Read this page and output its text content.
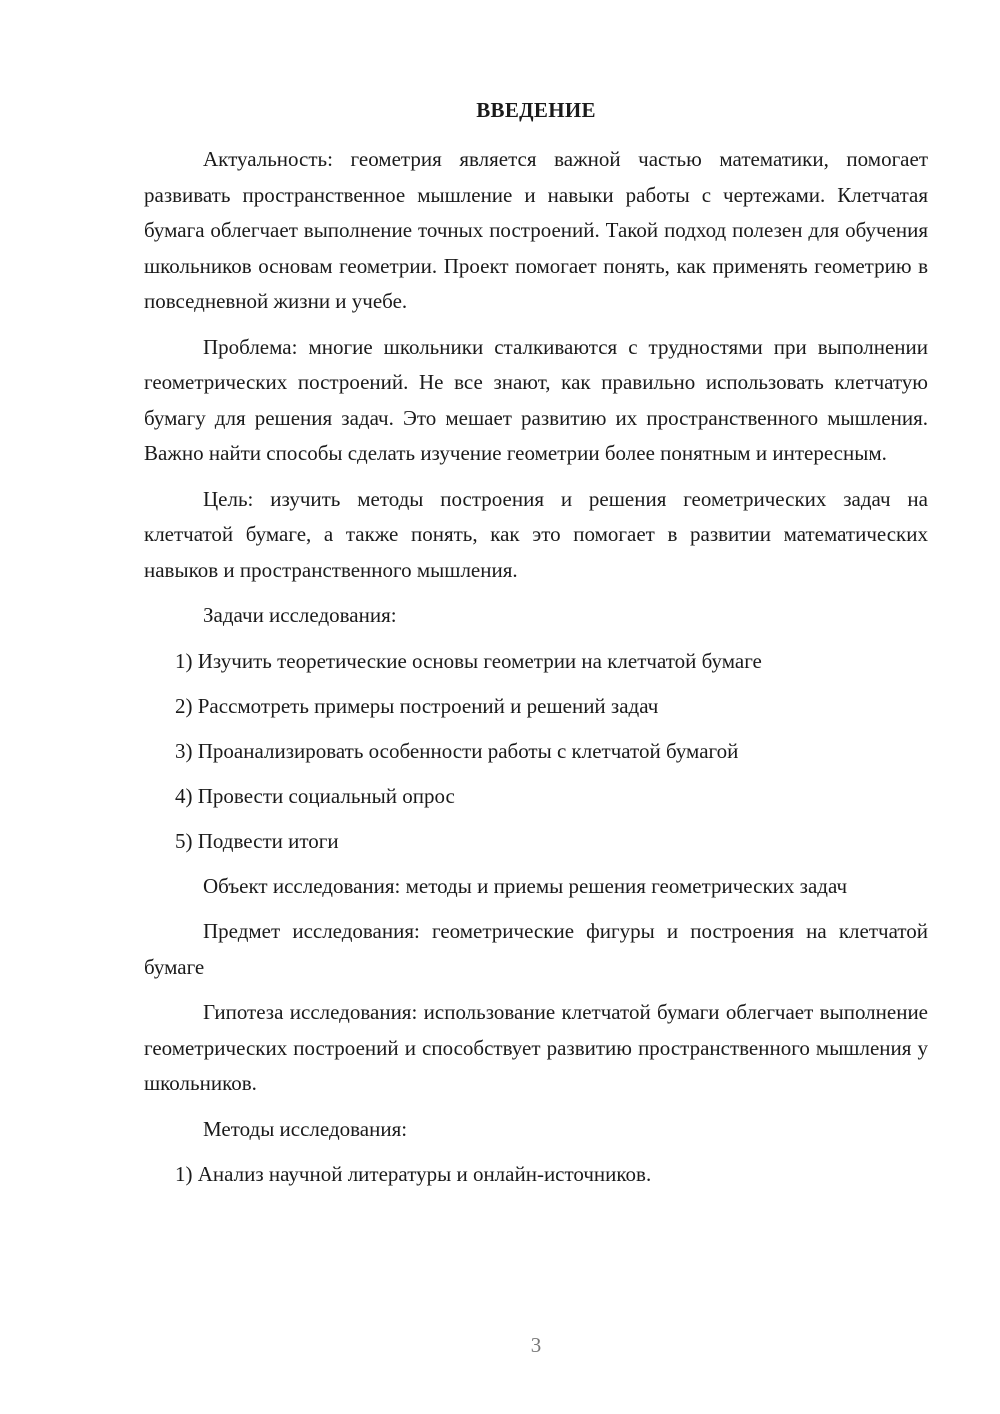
ВВЕДЕНИЕ

Актуальность: геометрия является важной частью математики, помогает развивать пространственное мышление и навыки работы с чертежами. Клетчатая бумага облегчает выполнение точных построений. Такой подход полезен для обучения школьников основам геометрии. Проект помогает понять, как применять геометрию в повседневной жизни и учебе.

Проблема: многие школьники сталкиваются с трудностями при выполнении геометрических построений. Не все знают, как правильно использовать клетчатую бумагу для решения задач. Это мешает развитию их пространственного мышления. Важно найти способы сделать изучение геометрии более понятным и интересным.

Цель: изучить методы построения и решения геометрических задач на клетчатой бумаге, а также понять, как это помогает в развитии математических навыков и пространственного мышления.

Задачи исследования:

1) Изучить теоретические основы геометрии на клетчатой бумаге
2) Рассмотреть примеры построений и решений задач
3) Проанализировать особенности работы с клетчатой бумагой
4) Провести социальный опрос
5) Подвести итоги

Объект исследования: методы и приемы решения геометрических задач

Предмет исследования: геометрические фигуры и построения на клетчатой бумаге

Гипотеза исследования: использование клетчатой бумаги облегчает выполнение геометрических построений и способствует развитию пространственного мышления у школьников.

Методы исследования:

1) Анализ научной литературы и онлайн-источников.
3
